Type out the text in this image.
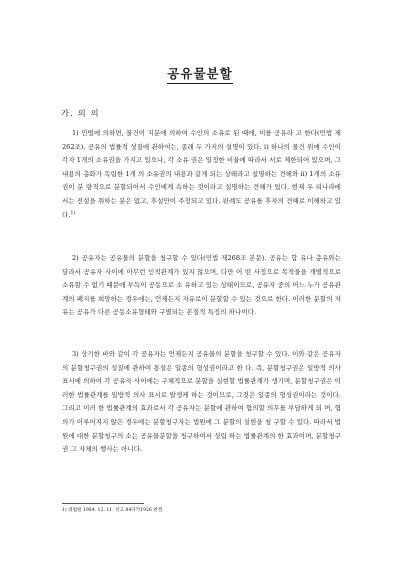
공유물분할
가. 의 의
1) 민법에 의하면, 물건이 지분에 의하여 수인의 소유로 된 때에, 이를 공유라 고 한다(민법 제262조). 공유의 법률적 성질에 관하여는, 종래 두 가지의 설명이 있다. ⅰ) 하나의 물건 위에 수인이 각자 1개의 소유권을 가지고 있으나, 각 소유 권은 일정한 비율에 따라서 서로 제한되어 있으며, 그 내용의 총화가 독립한 1개 의 소유권의 내용과 같게 되는 상태라고 설명하는 견해와 ⅱ) 1개의 소유권이 분 량적으로 분할되어서 수인에게 속하는 것이라고 설명하는 견해가 있다. 현재 우 리나라에서는 전설을 취하는 분은 없고, 후설만이 주장되고 있다. 판례도 공유를 후자의 견해로 이해하고 있다.$^{1)}$
2) 공유자는 공유물의 분할을 청구할 수 있다(민법 제268조 본문). 공유는 합 유나 총유와는 달라서 공유자 사이에 아무런 인적관계가 있지 않으며, 다만 어 떤 사정으로 목적물을 개별적으로 소유할 수 없기 때문에 부득이 공동으로 소 유하고 있는 상태이므로, 공유자 중의 어느 누가 공유관계의 폐지를 희망하는 경우에는, 언제든지 자유로이 분할할 수 있는 것으로 한다. 이러한 분할의 자 유는 공유가 다른 공동소유형태와 구별되는 본질적 특징의 하나이다.
3) 상기한 바와 같이 각 공유자는 언제든지 공유물의 분할을 청구할 수 있다. 이와 같은 공유자의 분할청구권의 성질에 관하여 통설은 일종의 형성권이라고 한 다. 즉, 분할청구권은 일방적 의사표시에 의하여 각 공유자 사이에는 구체적으로 분할을 실현할 법률관계가 생기며, 분할청구권은 이러한 법률관계를 일방적 의사 표시로 발생케 하는 것이므로, 그것은 일종의 형성권이라는 것이다. 그리고 이러 한 법률관계의 효과로서 각 공유자는 분할에 관하여 협의할 의무를 부담하게 되 며, 협의가 이루어지지 않은 경우에는 분할청구자는 법원에 그 분할의 실현을 청 구할 수 있다. 따라서 법원에 대한 분할청구의 소는 공유물분할을 청구하여서 성립 하는 법률관계의 한 효과이며, 분할청구권 그 자체의 행사는 아니다.
1) 대법원 1984. 12. 11. 선고 84다카1926 판결.
